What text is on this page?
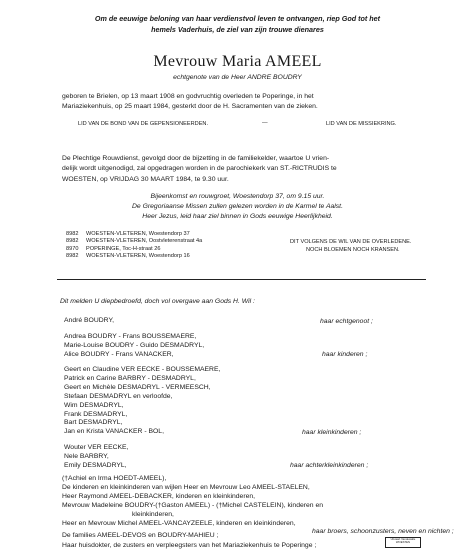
Om de eeuwige beloning van haar verdienstvol leven te ontvangen, riep God tot het
hemels Vaderhuis, de ziel van zijn trouwe dienares
Mevrouw Maria AMEEL
echtgenote van de Heer ANDRE BOUDRY
geboren te Brielen, op 13 maart 1908 en godvruchtig overleden te Poperinge, in het
Mariaziekenhuis, op 25 maart 1984, gesterkt door de H. Sacramenten van de zieken.
LID VAN DE BOND VAN DE GEPENSIONEERDEN.	—	LID VAN DE MISSIEKRING.
De Plechtige Rouwdienst, gevolgd door de bijzetting in de familiekelder, waartoe U vrien-
delijk wordt uitgenodigd, zal opgedragen worden in de parochiekerk van ST.-RICTRUDIS te
WOESTEN, op VRIJDAG 30 MAART 1984, te 9.30 uur.
Bijeenkomst en rouwgroet, Woestendorp 37, om 9.15 uur.
De Gregoriaanse Missen zullen gelezen worden in de Karmel te Aalst.
Heer Jezus, leid haar ziel binnen in Gods eeuwige Heerlijkheid.
8982 WOESTEN-VLETEREN, Woestendorp 37
8982 WOESTEN-VLETEREN, Oostvleterenstraat 4a
8970 POPERINGE, Toc-H-straat 26
8982 WOESTEN-VLETEREN, Woestendorp 16
DIT VOLGENS DE WIL VAN DE OVERLEDENE.
NOCH BLOEMEN NOCH KRANSEN.
Dit melden U diepbedroefd, doch vol overgave aan Gods H. Wil :
André BOUDRY,	haar echtgenoot ;
Andrea BOUDRY - Frans BOUSSEMAERE,
Marie-Louise BOUDRY - Guido DESMADRYL,
Alice BOUDRY - Frans VANACKER,	haar kinderen ;
Geert en Claudine VER EECKE - BOUSSEMAERE,
Patrick en Carine BARBRY - DESMADRYL,
Geert en Michèle DESMADRYL - VERMEESCH,
Stefaan DESMADRYL en verloofde,
Wim DESMADRYL,
Frank DESMADRYL,
Bart DESMADRYL,
Jan en Krista VANACKER - BOL,	haar kleinkinderen ;
Wouter VER EECKE,
Nele BARBRY,
Emily DESMADRYL,	haar achterkleinkinderen ;
(†Achiel en Irma HOEDT-AMEEL),
De kinderen en kleinkinderen van wijlen Heer en Mevrouw Leo AMEEL-STAELEN,
Heer Raymond AMEEL-DEBACKER, kinderen en kleinkinderen,
Mevrouw Madeleine BOUDRY-(†Gaston AMEEL) - (†Michel CASTELEIN), kinderen en
kleinkinderen,
Heer en Mevrouw Michel AMEEL-VANCAYZEELE, kinderen en kleinkinderen,
haar broers, schoonzusters, neven en nichten ;
De families AMEEL-DEVOS en BOUDRY-MAHIEU ;
Haar huisdokter, de zusters en verpleegsters van het Mariaziekenhuis te Poperinge ;
Uitvaart Vandewalle
WOESTEN
